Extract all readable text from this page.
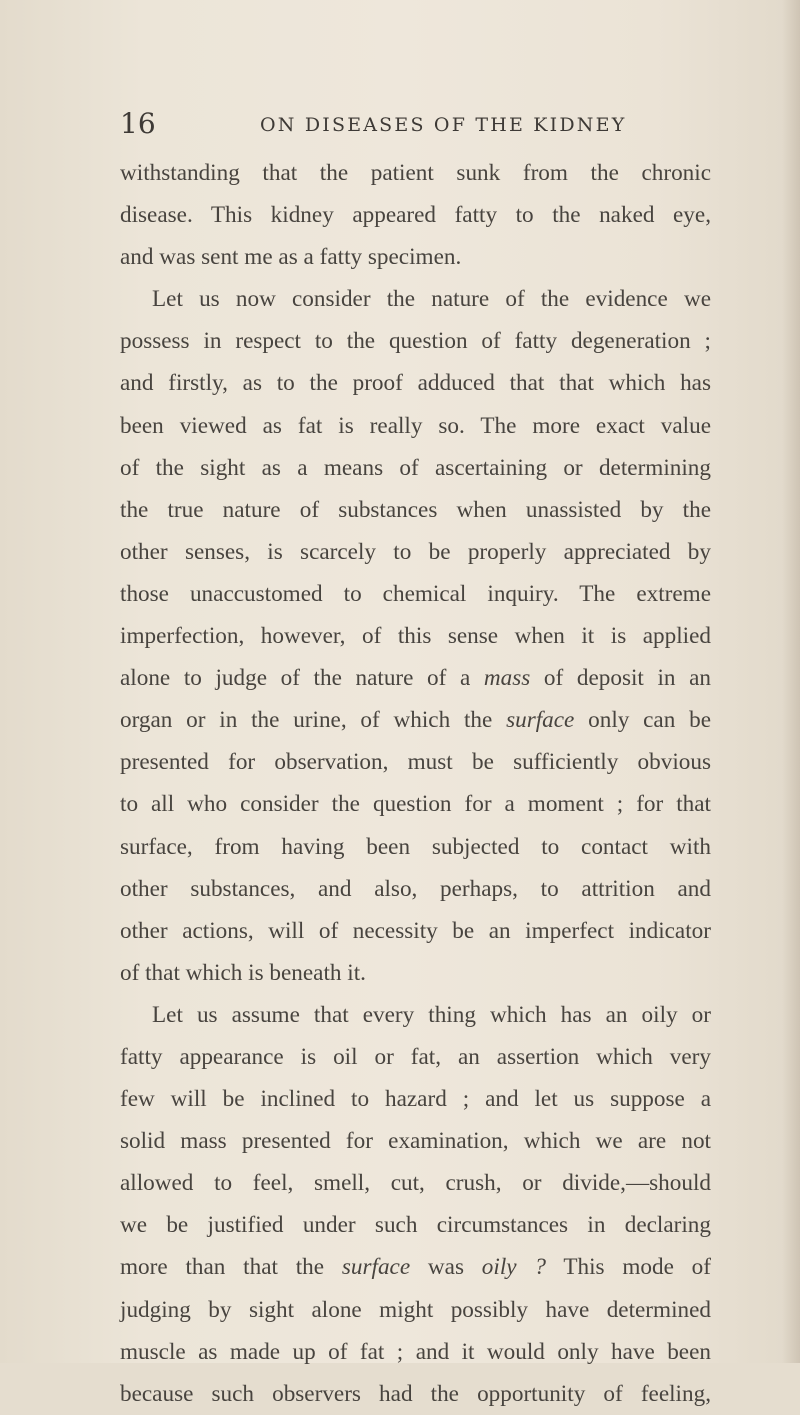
16	ON DISEASES OF THE KIDNEY
withstanding that the patient sunk from the chronic
disease. This kidney appeared fatty to the naked eye,
and was sent me as a fatty specimen.
Let us now consider the nature of the evidence we
possess in respect to the question of fatty degeneration ;
and firstly, as to the proof adduced that that which has
been viewed as fat is really so. The more exact value
of the sight as a means of ascertaining or determining
the true nature of substances when unassisted by the
other senses, is scarcely to be properly appreciated by
those unaccustomed to chemical inquiry. The extreme
imperfection, however, of this sense when it is applied
alone to judge of the nature of a mass of deposit in an
organ or in the urine, of which the surface only can be
presented for observation, must be sufficiently obvious
to all who consider the question for a moment ; for that
surface, from having been subjected to contact with
other substances, and also, perhaps, to attrition and
other actions, will of necessity be an imperfect indicator
of that which is beneath it.
Let us assume that every thing which has an oily or
fatty appearance is oil or fat, an assertion which very
few will be inclined to hazard ; and let us suppose a
solid mass presented for examination, which we are not
allowed to feel, smell, cut, crush, or divide,—should
we be justified under such circumstances in declaring
more than that the surface was oily ? This mode of
judging by sight alone might possibly have determined
muscle as made up of fat ; and it would only have been
because such observers had the opportunity of feeling,
